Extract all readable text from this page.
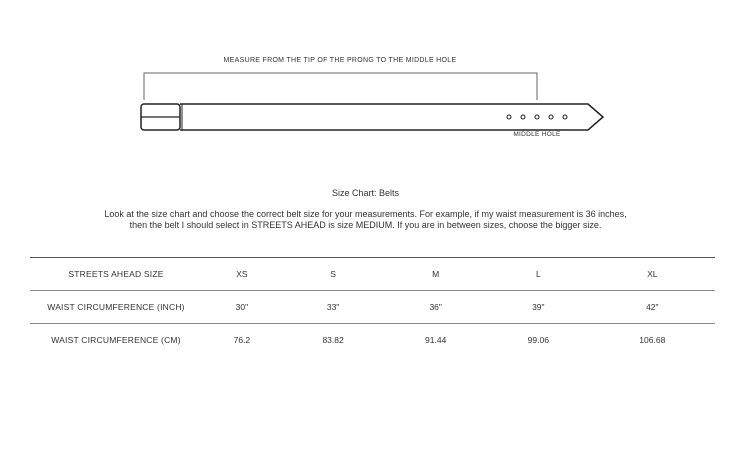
MEASURE FROM THE TIP OF THE PRONG TO THE MIDDLE HOLE
MIDDLE HOLE
Size Chart: Belts

Look at the size chart and choose the correct belt size for your measurements. For example, if my waist measurement is 36 inches,

then the belt I should select in STREETS AHEAD is size MEDIUM. If you are in between sizes, choose the bigger size.

STREETS AHEAD SIZE	XS	S	M	L	XL
WAIST CIRCUMFERENCE (INCH)	30"	33"	36"	39"	42"
WAIST CIRCUMFERENCE (CM)	76.2	83.82	91.44	99.06	106.68
